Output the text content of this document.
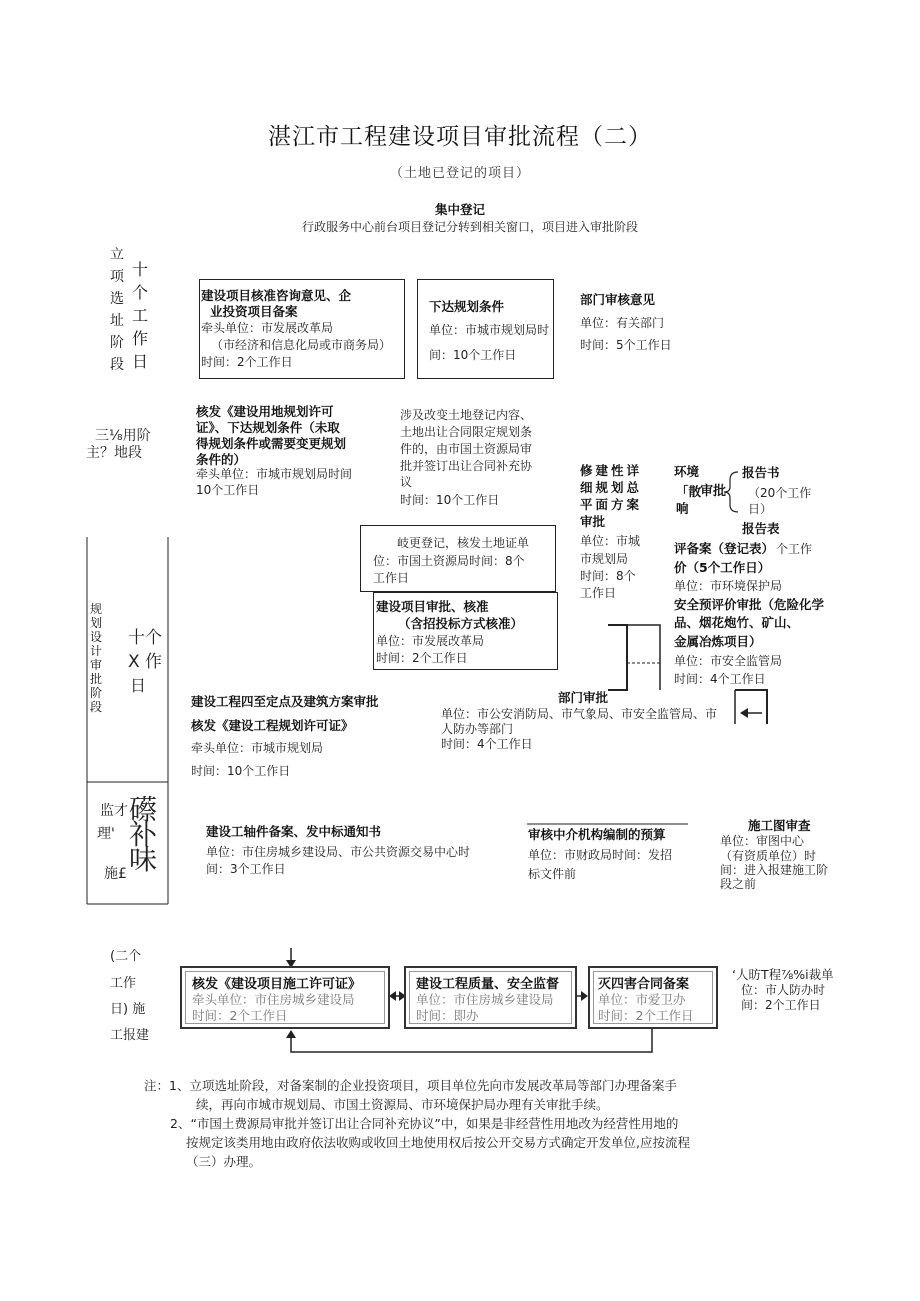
湛江市工程建设项目审批流程（二）
（土地已登记的项目）
集中登记
行政服务中心前台项目登记分转到相关窗口，项目进入审批阶段
立
项
选
址
阶
段
十
个
工
作
日
建设项目核准咨询意见、企
业投资项目备案
牵头单位：市发展改革局
（市经济和信息化局或市商务局）
时间：2个工作日
下达规划条件
单位：市城市规划局时
间：10个工作日
部门审核意见
单位：有关部门
时间：5个工作日
三⅛用阶
主？地段
核发《建设用地规划许可
证》、下达规划条件（未取
得规划条件或需要变更规划
条件的）
牵头单位：市城市规划局时间
10个工作日
涉及改变土地登记内容、
土地出让合同限定规划条
件的，由市国土资源局审
批并签订出让合同补充协
议
时间：10个工作日
规
划
设
计
审
批
阶
段
十个
X 作
日
岐更登记，核发土地证单
位：市国土资源局时间：8个
工作日
建设项目审批、核准
（含招投标方式核准）
单位：市发展改革局
时间：2个工作日
修建性详
细规划总
平面方案
审批
单位：市城
市规划局
时间：8个
工作日
环境
「散
审批
响
报告书
（20个工作
日）
报告表
评备案（登记表） 个工作
价（5个工作日）
单位：市环境保护局
安全预评价审批（危险化学
品、烟花炮竹、矿山、
金属冶炼项目）
单位：市安全监管局
时间：4个工作日
建设工程四至定点及建筑方案审批
核发《建设工程规划许可证》
牵头单位：市城市规划局
时间：10个工作日
部门审批
单位：市公安消防局、市气象局、市安全监管局、市
人防办等部门
时间：4个工作日
监才
理'
施£
礤
补
味
建设工轴件备案、发中标通知书
单位：市住房城乡建设局、市公共资源交易中心时
间：3个工作日
审核中介机构编制的预算
单位：市财政局时间：发招
标文件前
施工图审查
单位：审图中心
（有资质单位）时
间：进入报建施工阶
段之前
(二个
工作
日) 施
工报建
核发《建设项目施工许可证》
牵头单位：市住房城乡建设局
时间：2个工作日
建设工程质量、安全监督
单位：市住房城乡建设局
时间：即办
灭四害合同备案
单位：市爱卫办
时间：2个工作日
‘人昉T程⅞%i裁单
位：市人防办时
间：2个工作日
注：1、立项选址阶段，对备案制的企业投资项目，项目单位先向市发展改革局等部门办理备案手
续，再向市城市规划局、市国土资源局、市环境保护局办理有关审批手续。
2、“市国土费源局审批并签订出让合同补充协议”中，如果是非经营性用地改为经营性用地的
按规定该类用地由政府依法收购或收回土地使用权后按公开交易方式确定开发单位,应按流程
（三）办理。
